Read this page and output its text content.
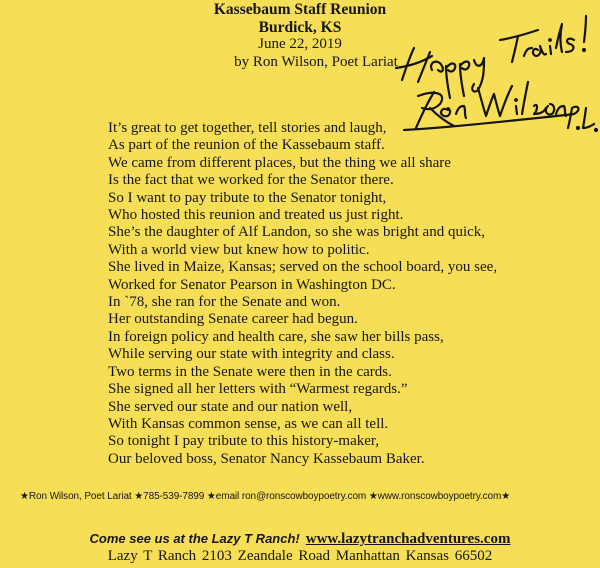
Kassebaum Staff Reunion
Burdick, KS
June 22, 2019
by Ron Wilson, Poet Lariat
It’s great to get together, tell stories and laugh,
As part of the reunion of the Kassebaum staff.
We came from different places, but the thing we all share
Is the fact that we worked for the Senator there.
So I want to pay tribute to the Senator tonight,
Who hosted this reunion and treated us just right.
She’s the daughter of Alf Landon, so she was bright and quick,
With a world view but knew how to politic.
She lived in Maize, Kansas; served on the school board, you see,
Worked for Senator Pearson in Washington DC.
In `78, she ran for the Senate and won.
Her outstanding Senate career had begun.
In foreign policy and health care, she saw her bills pass,
While serving our state with integrity and class.
Two terms in the Senate were then in the cards.
She signed all her letters with “Warmest regards.”
She served our state and our nation well,
With Kansas common sense, as we can all tell.
So tonight I pay tribute to this history-maker,
Our beloved boss, Senator Nancy Kassebaum Baker.
★Ron Wilson, Poet Lariat ★785-539-7899 ★email ron@ronscowboypoetry.com ★www.ronscowboypoetry.com★
Come see us at the Lazy T Ranch! www.lazytranchadventures.com
Lazy T Ranch 2103 Zeandale Road Manhattan Kansas 66502
